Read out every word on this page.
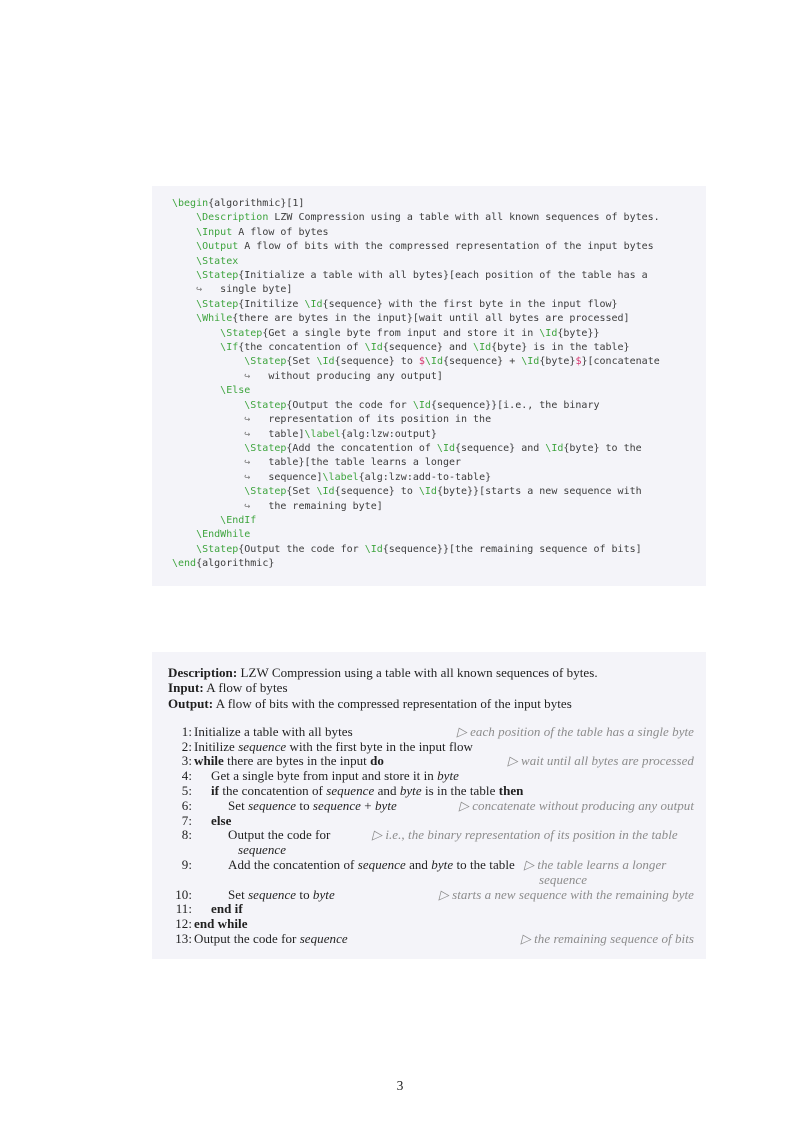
\begin{algorithmic}[1]
\Description LZW Compression using a table with all known sequences of bytes.
\Input A flow of bytes
\Output A flow of bits with the compressed representation of the input bytes
\Statex
\Statep{Initialize a table with all bytes}[each position of the table has a
↪   single byte]
\Statep{Initilize \Id{sequence} with the first byte in the input flow}
\While{there are bytes in the input}[wait until all bytes are processed]
\Statep{Get a single byte from input and store it in \Id{byte}}
\If{the concatention of \Id{sequence} and \Id{byte} is in the table}
\Statep{Set \Id{sequence} to $\Id{sequence} + \Id{byte}$}[concatenate
↪   without producing any output]
\Else
\Statep{Output the code for \Id{sequence}}[i.e., the binary
↪   representation of its position in the
↪   table]\label{alg:lzw:output}
\Statep{Add the concatention of \Id{sequence} and \Id{byte} to the
↪   table}[the table learns a longer
↪   sequence]\label{alg:lzw:add-to-table}
\Statep{Set \Id{sequence} to \Id{byte}}[starts a new sequence with
↪   the remaining byte]
\EndIf
\EndWhile
\Statep{Output the code for \Id{sequence}}[the remaining sequence of bits]
\end{algorithmic}
Description: LZW Compression using a table with all known sequences of bytes.
Input: A flow of bytes
Output: A flow of bits with the compressed representation of the input bytes
1: Initialize a table with all bytes	▷ each position of the table has a single byte
2: Initilize sequence with the first byte in the input flow
3: while there are bytes in the input do	▷ wait until all bytes are processed
4:	Get a single byte from input and store it in byte
5:	if the concatention of sequence and byte is in the table then
6:	Set sequence to sequence + byte	▷ concatenate without producing any output
7:	else
8:	Output the code for sequence
▷ i.e., the binary representation of its position in the table
9:	Add the concatention of sequence and byte to the table ▷ the table learns a longer sequence
10:	Set sequence to byte	▷ starts a new sequence with the remaining byte
11:	end if
12: end while
13: Output the code for sequence	▷ the remaining sequence of bits
3
